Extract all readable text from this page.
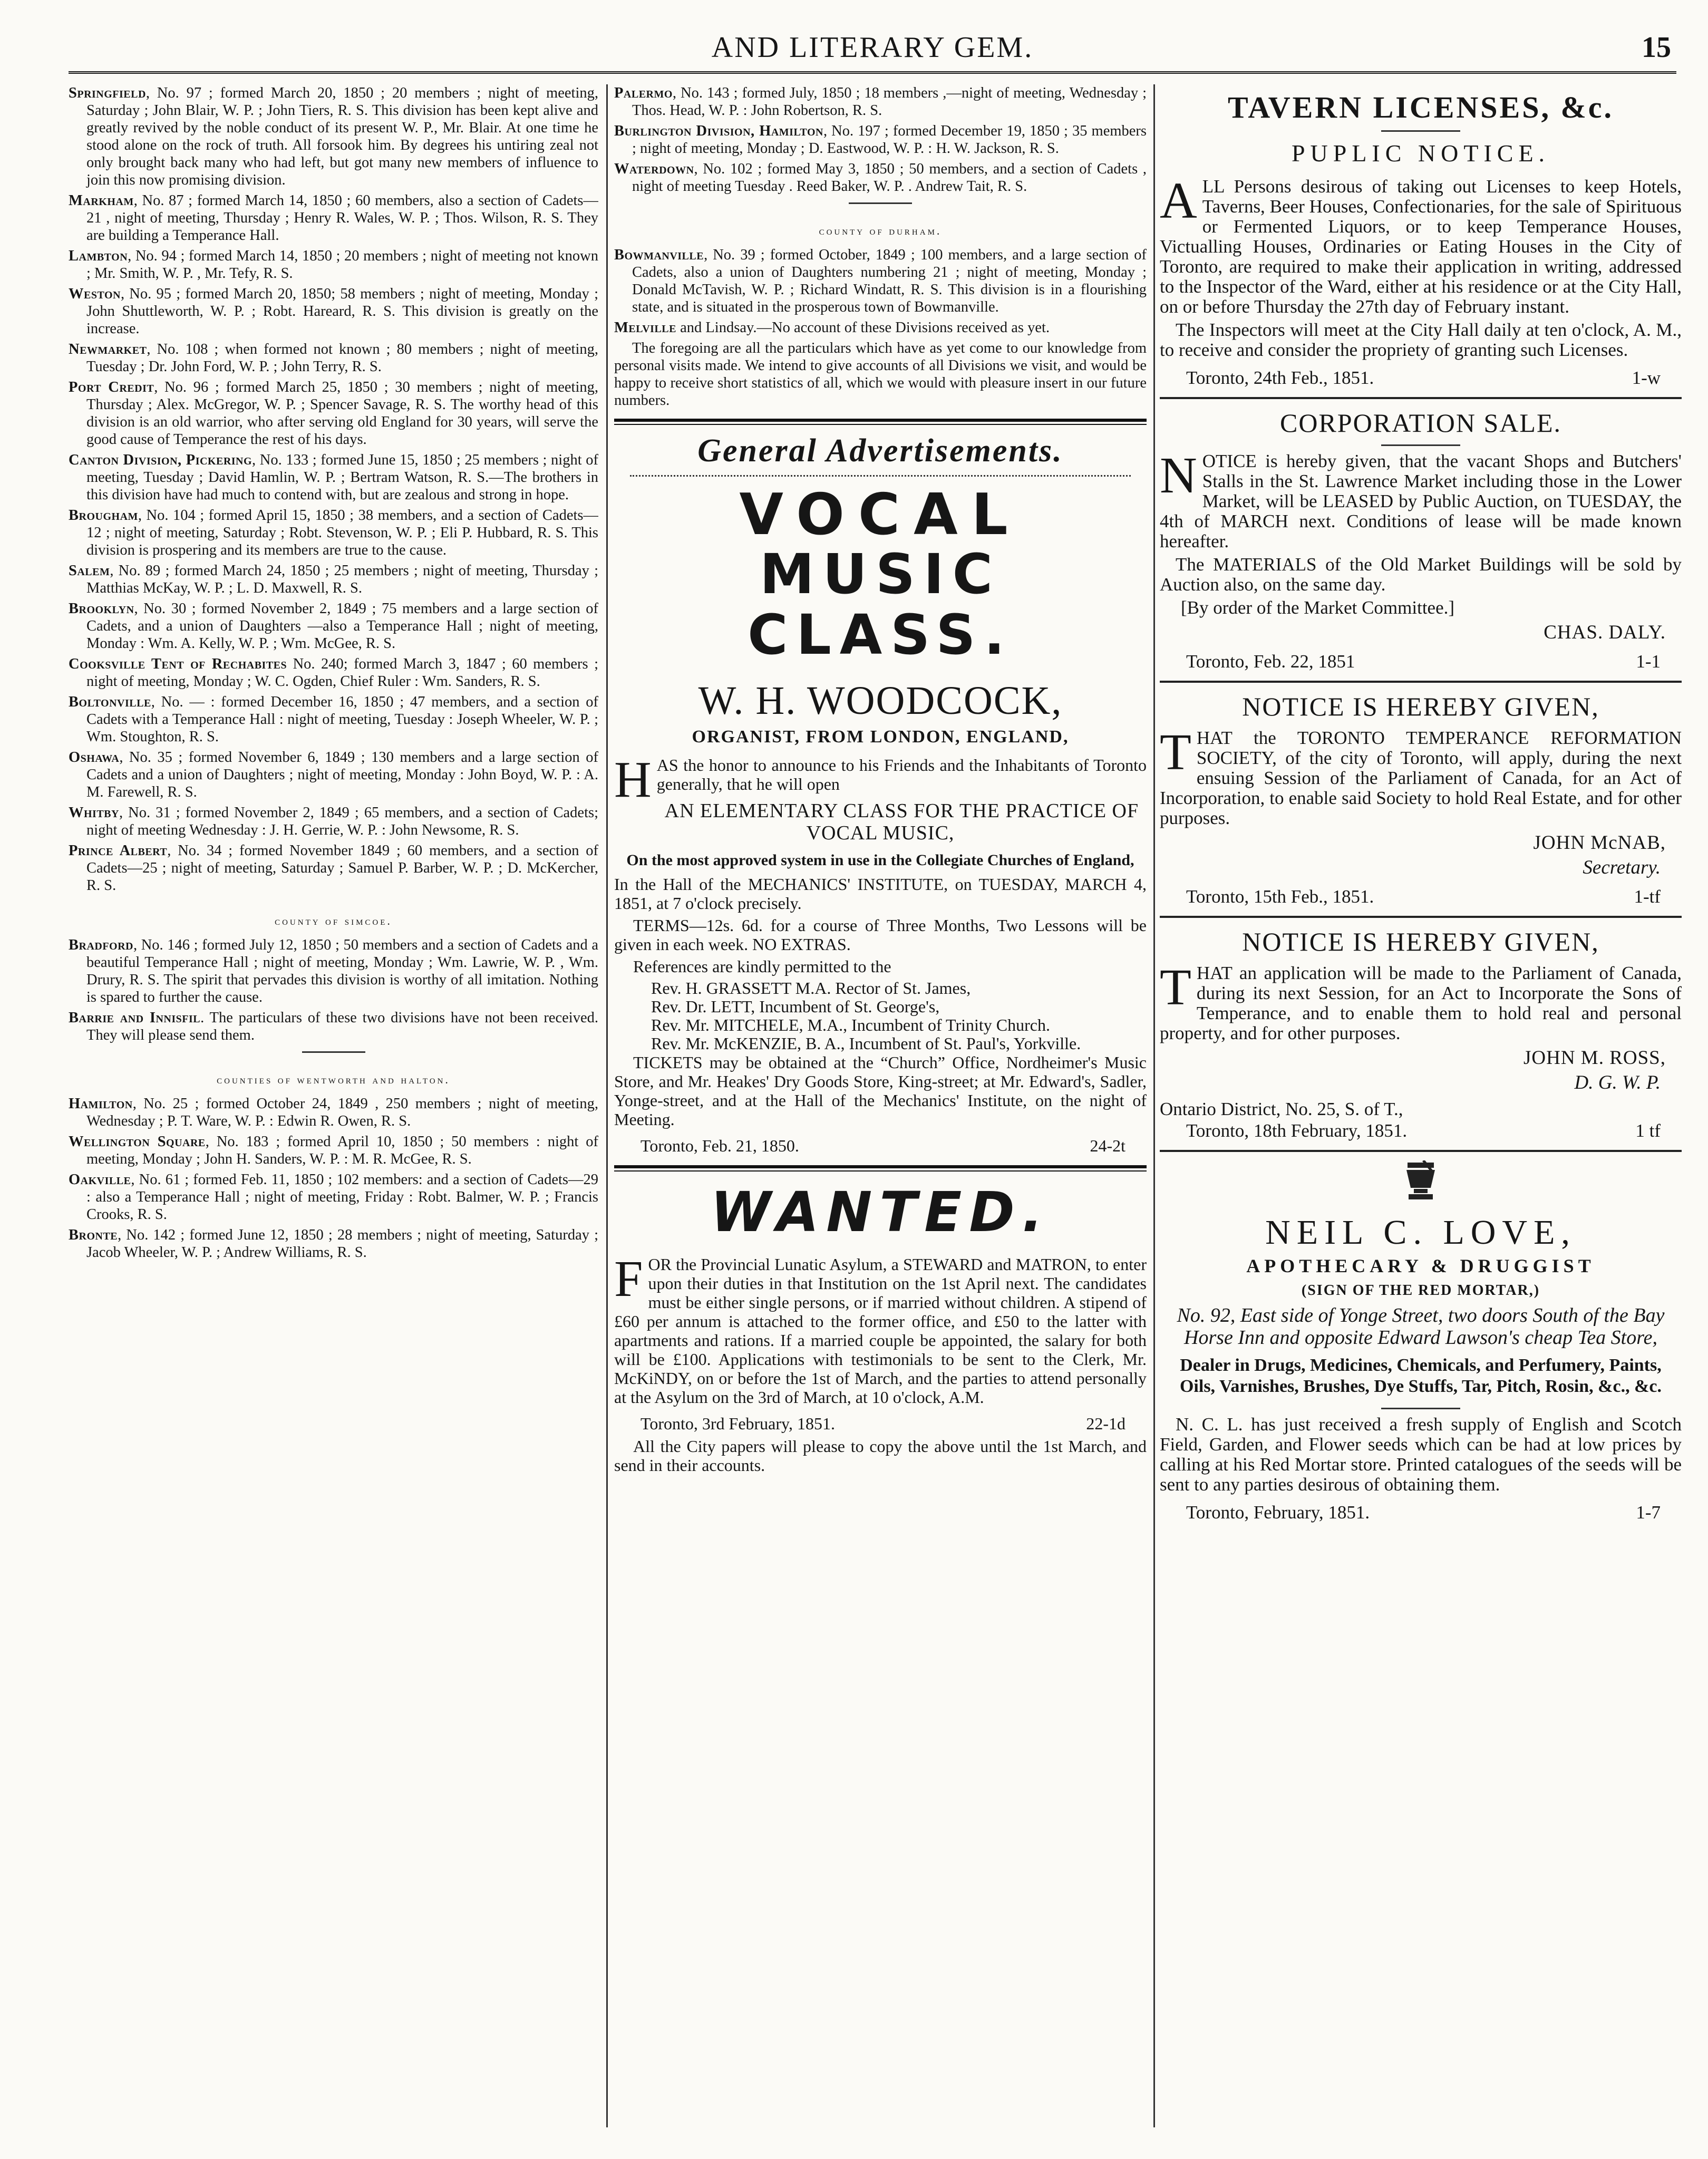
AND LITERARY GEM.	15

Springfield, No. 97 ; formed March 20, 1850 ; 20 members ; night of meeting, Saturday ; John Blair, W. P. ; John Tiers, R. S. This division has been kept alive and greatly revived by the noble conduct of its present W. P., Mr. Blair. At one time he stood alone on the rock of truth. All forsook him. By degrees his untiring zeal not only brought back many who had left, but got many new members of influence to join this now promising division.

Markham, No. 87 ; formed March 14, 1850 ; 60 members, also a section of Cadets—21 , night of meeting, Thursday ; Henry R. Wales, W. P. ; Thos. Wilson, R. S. They are building a Temperance Hall.

Lambton, No. 94 ; formed March 14, 1850 ; 20 members ; night of meeting not known ; Mr. Smith, W. P. , Mr. Tefy, R. S.

Weston, No. 95 ; formed March 20, 1850; 58 members ; night of meeting, Monday ; John Shuttleworth, W. P. ; Robt. Hareard, R. S. This division is greatly on the increase.

Newmarket, No. 108 ; when formed not known ; 80 members ; night of meeting, Tuesday ; Dr. John Ford, W. P. ; John Terry, R. S.

Port Credit, No. 96 ; formed March 25, 1850 ; 30 members ; night of meeting, Thursday ; Alex. McGregor, W. P. ; Spencer Savage, R. S. The worthy head of this division is an old warrior, who after serving old England for 30 years, will serve the good cause of Temperance the rest of his days.

Canton Division, Pickering, No. 133 ; formed June 15, 1850 ; 25 members ; night of meeting, Tuesday ; David Hamlin, W. P. ; Bertram Watson, R. S.—The brothers in this division have had much to contend with, but are zealous and strong in hope.

Brougham, No. 104 ; formed April 15, 1850 ; 38 members, and a section of Cadets—12 ; night of meeting, Saturday ; Robt. Stevenson, W. P. ; Eli P. Hubbard, R. S. This division is prospering and its members are true to the cause.

Salem, No. 89 ; formed March 24, 1850 ; 25 members ; night of meeting, Thursday ; Matthias McKay, W. P. ; L. D. Maxwell, R. S.

Brooklyn, No. 30 ; formed November 2, 1849 ; 75 members and a large section of Cadets, and a union of Daughters —also a Temperance Hall ; night of meeting, Monday : Wm. A. Kelly, W. P. ; Wm. McGee, R. S.

Cooksville Tent of Rechabites No. 240; formed March 3, 1847 ; 60 members ; night of meeting, Monday ; W. C. Ogden, Chief Ruler : Wm. Sanders, R. S.

Boltonville, No. — : formed December 16, 1850 ; 47 members, and a section of Cadets with a Temperance Hall : night of meeting, Tuesday : Joseph Wheeler, W. P. ; Wm. Stoughton, R. S.

Oshawa, No. 35 ; formed November 6, 1849 ; 130 members and a large section of Cadets and a union of Daughters ; night of meeting, Monday : John Boyd, W. P. : A. M. Farewell, R. S.

Whitby, No. 31 ; formed November 2, 1849 ; 65 members, and a section of Cadets; night of meeting Wednesday : J. H. Gerrie, W. P. : John Newsome, R. S.

Prince Albert, No. 34 ; formed November 1849 ; 60 members, and a section of Cadets—25 ; night of meeting, Saturday ; Samuel P. Barber, W. P. ; D. McKercher, R. S.

county of simcoe.

Bradford, No. 146 ; formed July 12, 1850 ; 50 members and a section of Cadets and a beautiful Temperance Hall ; night of meeting, Monday ; Wm. Lawrie, W. P. , Wm. Drury, R. S. The spirit that pervades this division is worthy of all imitation. Nothing is spared to further the cause.

Barrie and Innisfil. The particulars of these two divisions have not been received. They will please send them.

counties of wentworth and halton.

Hamilton, No. 25 ; formed October 24, 1849 , 250 members ; night of meeting, Wednesday ; P. T. Ware, W. P. : Edwin R. Owen, R. S.

Wellington Square, No. 183 ; formed April 10, 1850 ; 50 members : night of meeting, Monday ; John H. Sanders, W. P. : M. R. McGee, R. S.

Oakville, No. 61 ; formed Feb. 11, 1850 ; 102 members: and a section of Cadets—29 : also a Temperance Hall ; night of meeting, Friday : Robt. Balmer, W. P. ; Francis Crooks, R. S.

Bronte, No. 142 ; formed June 12, 1850 ; 28 members ; night of meeting, Saturday ; Jacob Wheeler, W. P. ; Andrew Williams, R. S.

Palermo, No. 143 ; formed July, 1850 ; 18 members ,—night of meeting, Wednesday ; Thos. Head, W. P. : John Robertson, R. S.

Burlington Division, Hamilton, No. 197 ; formed December 19, 1850 ; 35 members ; night of meeting, Monday ; D. Eastwood, W. P. : H. W. Jackson, R. S.

Waterdown, No. 102 ; formed May 3, 1850 ; 50 members, and a section of Cadets , night of meeting Tuesday . Reed Baker, W. P. . Andrew Tait, R. S.

county of durham.

Bowmanville, No. 39 ; formed October, 1849 ; 100 members, and a large section of Cadets, also a union of Daughters numbering 21 ; night of meeting, Monday ; Donald McTavish, W. P. ; Richard Windatt, R. S. This division is in a flourishing state, and is situated in the prosperous town of Bowmanville.

Melville and Lindsay.—No account of these Divisions received as yet.

The foregoing are all the particulars which have as yet come to our knowledge from personal visits made. We intend to give accounts of all Divisions we visit, and would be happy to receive short statistics of all, which we would with pleasure insert in our future numbers.

General Advertisements.
VOCAL
MUSIC CLASS.
W. H. WOODCOCK,
ORGANIST, FROM LONDON, ENGLAND,

HAS the honor to announce to his Friends and the Inhabitants of Toronto generally, that he will open

AN ELEMENTARY CLASS FOR THE PRACTICE OF VOCAL MUSIC,
On the most approved system in use in the Collegiate Churches of England,

In the Hall of the MECHANICS' INSTITUTE, on TUESDAY, MARCH 4, 1851, at 7 o'clock precisely.

TERMS—12s. 6d. for a course of Three Months, Two Lessons will be given in each week. NO EXTRAS.

References are kindly permitted to the

Rev. H. GRASSETT M.A. Rector of St. James,
Rev. Dr. LETT, Incumbent of St. George's,
Rev. Mr. MITCHELE, M.A., Incumbent of Trinity Church.
Rev. Mr. McKENZIE, B. A., Incumbent of St. Paul's, Yorkville.

TICKETS may be obtained at the “Church” Office, Nordheimer's Music Store, and Mr. Heakes' Dry Goods Store, King-street; at Mr. Edward's, Sadler, Yonge-street, and at the Hall of the Mechanics' Institute, on the night of Meeting.

Toronto, Feb. 21, 1850.	24-2t
WANTED.

FOR the Provincial Lunatic Asylum, a STEWARD and MATRON, to enter upon their duties in that Institution on the 1st April next. The candidates must be either single persons, or if married without children. A stipend of £60 per annum is attached to the former office, and £50 to the latter with apartments and rations. If a married couple be appointed, the salary for both will be £100. Applications with testimonials to be sent to the Clerk, Mr. McKiNDY, on or before the 1st of March, and the parties to attend personally at the Asylum on the 3rd of March, at 10 o'clock, A.M.

Toronto, 3rd February, 1851.	22-1d

All the City papers will please to copy the above until the 1st March, and send in their accounts.

TAVERN LICENSES, &c.
PUPLIC NOTICE.

ALL Persons desirous of taking out Licenses to keep Hotels, Taverns, Beer Houses, Confectionaries, for the sale of Spirituous or Fermented Liquors, or to keep Temperance Houses, Victualling Houses, Ordinaries or Eating Houses in the City of Toronto, are required to make their application in writing, addressed to the Inspector of the Ward, either at his residence or at the City Hall, on or before Thursday the 27th day of February instant.

The Inspectors will meet at the City Hall daily at ten o'clock, A. M., to receive and consider the propriety of granting such Licenses.

Toronto, 24th Feb., 1851.	1-w
CORPORATION SALE.

NOTICE is hereby given, that the vacant Shops and Butchers' Stalls in the St. Lawrence Market including those in the Lower Market, will be LEASED by Public Auction, on TUESDAY, the 4th of MARCH next. Conditions of lease will be made known hereafter.

The MATERIALS of the Old Market Buildings will be sold by Auction also, on the same day.

[By order of the Market Committee.]

CHAS. DALY.
Toronto, Feb. 22, 1851	1-1
NOTICE IS HEREBY GIVEN,

THAT the TORONTO TEMPERANCE REFORMATION SOCIETY, of the city of Toronto, will apply, during the next ensuing Session of the Parliament of Canada, for an Act of Incorporation, to enable said Society to hold Real Estate, and for other purposes.

JOHN McNAB,
Secretary.
Toronto, 15th Feb., 1851.	1-tf
NOTICE IS HEREBY GIVEN,

THAT an application will be made to the Parliament of Canada, during its next Session, for an Act to Incorporate the Sons of Temperance, and to enable them to hold real and personal property, and for other purposes.

JOHN M. ROSS,
D. G. W. P.
Ontario District, No. 25, S. of T.,
Toronto, 18th February, 1851.	1 tf
NEIL C. LOVE,
APOTHECARY & DRUGGIST
(SIGN OF THE RED MORTAR,)
No. 92, East side of Yonge Street, two doors South of the Bay Horse Inn and opposite Edward Lawson's cheap Tea Store,
Dealer in Drugs, Medicines, Chemicals, and Perfumery, Paints, Oils, Varnishes, Brushes, Dye Stuffs, Tar, Pitch, Rosin, &c., &c.

N. C. L. has just received a fresh supply of English and Scotch Field, Garden, and Flower seeds which can be had at low prices by calling at his Red Mortar store. Printed catalogues of the seeds will be sent to any parties desirous of obtaining them.

Toronto, February, 1851.	1-7
